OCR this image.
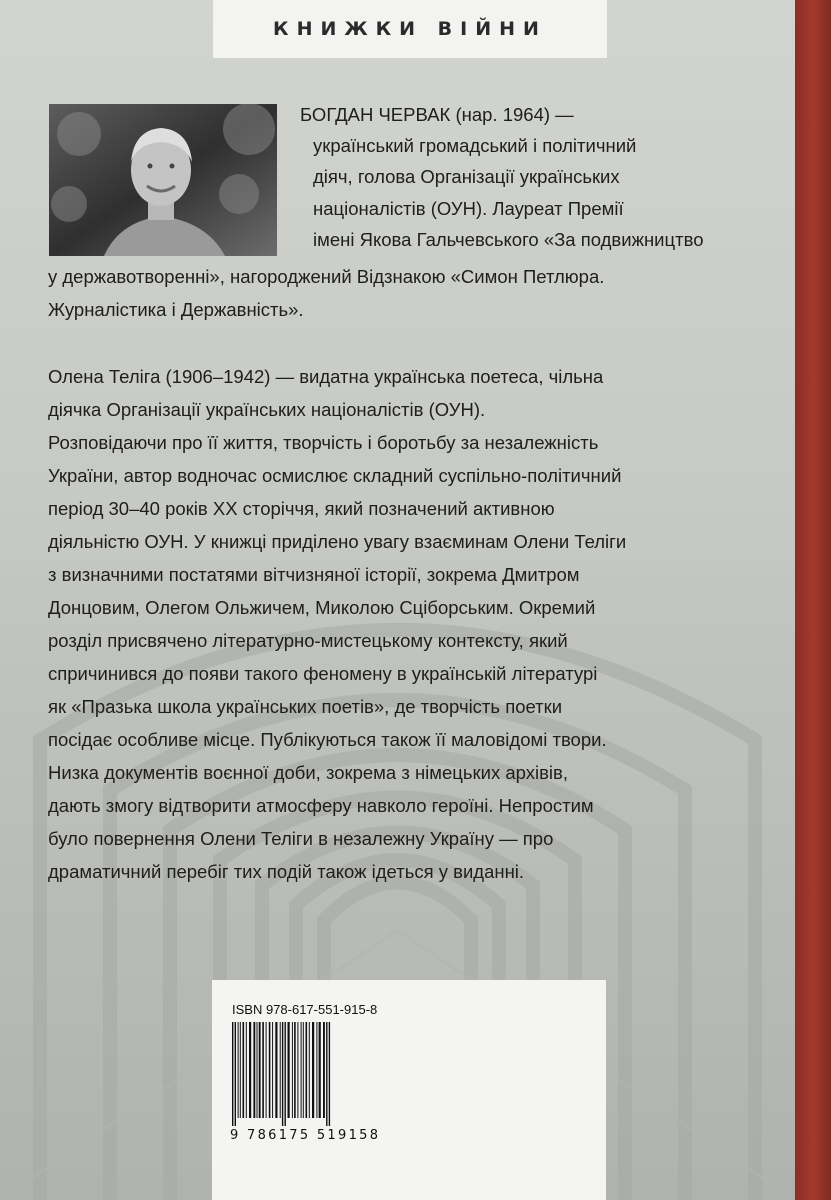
КНИЖКИ ВІЙНИ

БОГДАН ЧЕРВАК (нар. 1964) —

український громадський і політичний

діяч, голова Організації українських

націоналістів (ОУН). Лауреат Премії

імені Якова Гальчевського «За подвижництво

у державотворенні», нагороджений Відзнакою «Симон Петлюра.

Журналістика і Державність».

Олена Теліга (1906–1942) — видатна українська поетеса, чільна

діячка Організації українських націоналістів (ОУН).

Розповідаючи про її життя, творчість і боротьбу за незалежність

України, автор водночас осмислює складний суспільно-політичний

період 30–40 років XX сторіччя, який позначений активною

діяльністю ОУН. У книжці приділено увагу взаєминам Олени Теліги

з визначними постатями вітчизняної історії, зокрема Дмитром

Донцовим, Олегом Ольжичем, Миколою Сціборським. Окремий

розділ присвячено літературно-мистецькому контексту, який

спричинився до появи такого феномену в українській літературі

як «Празька школа українських поетів», де творчість поетки

посідає особливе місце. Публікуються також її маловідомі твори.

Низка документів воєнної доби, зокрема з німецьких архівів,

дають змогу відтворити атмосферу навколо героїні. Непростим

було повернення Олени Теліги в незалежну Україну — про

драматичний перебіг тих подій також ідеться у виданні.

ISBN 978-617-551-915-8

9 786175 519158
